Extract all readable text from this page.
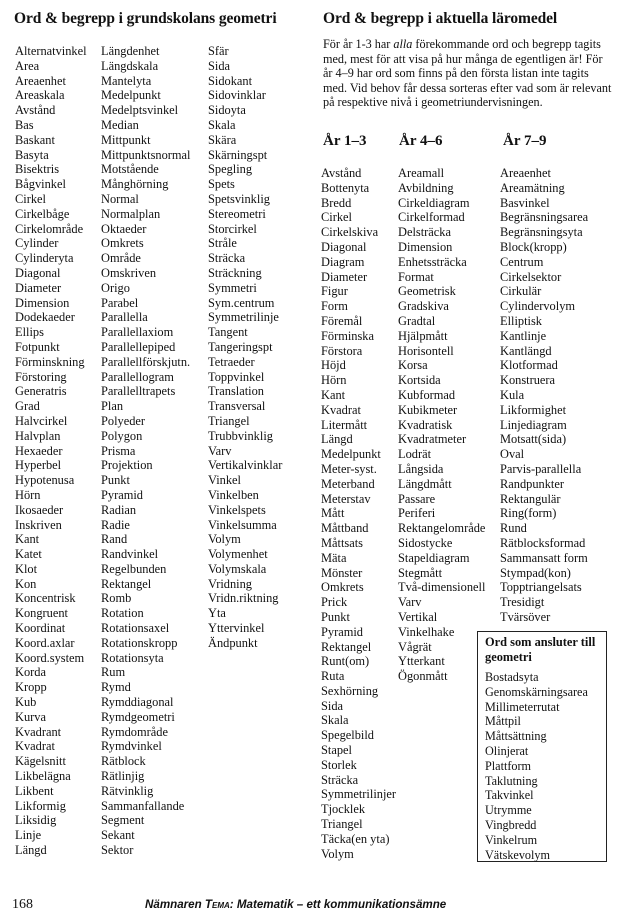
Ord & begrepp i grundskolans geometri	Ord & begrepp i aktuella läromedel

För år 1-3 har alla förekommande ord och begrepp tagits med, mest för att visa på hur många de egentligen är! För år 4–9 har ord som finns på den första listan inte tagits med. Vid behov får dessa sorteras efter vad som är relevant på respektive nivå i geometriundervisningen.

Alternatvinkel
Area
Areaenhet
Areaskala
Avstånd
Bas
Baskant
Basyta
Bisektris
Bågvinkel
Cirkel
Cirkelbåge
Cirkelområde
Cylinder
Cylinderyta
Diagonal
Diameter
Dimension
Dodekaeder
Ellips
Fotpunkt
Förminskning
Förstoring
Generatris
Grad
Halvcirkel
Halvplan
Hexaeder
Hyperbel
Hypotenusa
Hörn
Ikosaeder
Inskriven
Kant
Katet
Klot
Kon
Koncentrisk
Kongruent
Koordinat
Koord.axlar
Koord.system
Korda
Kropp
Kub
Kurva
Kvadrant
Kvadrat
Kägelsnitt
Likbelägna
Likbent
Likformig
Liksidig
Linje
Längd
Längdenhet
Längdskala
Mantelyta
Medelpunkt
Medelptsvinkel
Median
Mittpunkt
Mittpunktsnormal
Motstående
Månghörning
Normal
Normalplan
Oktaeder
Omkrets
Område
Omskriven
Origo
Parabel
Parallella
Parallellaxiom
Parallellepiped
Parallellförskjutn.
Parallellogram
Parallelltrapets
Plan
Polyeder
Polygon
Prisma
Projektion
Punkt
Pyramid
Radian
Radie
Rand
Randvinkel
Regelbunden
Rektangel
Romb
Rotation
Rotationsaxel
Rotationskropp
Rotationsyta
Rum
Rymd
Rymddiagonal
Rymdgeometri
Rymdområde
Rymdvinkel
Rätblock
Rätlinjig
Rätvinklig
Sammanfallande
Segment
Sekant
Sektor
Sfär
Sida
Sidokant
Sidovinklar
Sidoyta
Skala
Skära
Skärningspt
Spegling
Spets
Spetsvinklig
Stereometri
Storcirkel
Stråle
Sträcka
Sträckning
Symmetri
Sym.centrum
Symmetrilinje
Tangent
Tangeringspt
Tetraeder
Toppvinkel
Translation
Transversal
Triangel
Trubbvinklig
Varv
Vertikalvinklar
Vinkel
Vinkelben
Vinkelspets
Vinkelsumma
Volym
Volymenhet
Volymskala
Vridning
Vridn.riktning
Yta
Yttervinkel
Ändpunkt
År 1–3 År 4–6	År 7–9
Avstånd
Bottenyta
Bredd
Cirkel
Cirkelskiva
Diagonal
Diagram
Diameter
Figur
Form
Föremål
Förminska
Förstora
Höjd
Hörn
Kant
Kvadrat
Litermått
Längd
Medelpunkt
Meter-syst.
Meterband
Meterstav
Mått
Måttband
Måttsats
Mäta
Mönster
Omkrets
Prick
Punkt
Pyramid
Rektangel
Runt(om)
Ruta
Sexhörning
Sida
Skala
Spegelbild
Stapel
Storlek
Sträcka
Symmetrilinjer
Tjocklek
Triangel
Täcka(en yta)
Volym
Areamall
Avbildning
Cirkeldiagram
Cirkelformad
Delsträcka
Dimension
Enhetssträcka
Format
Geometrisk
Gradskiva
Gradtal
Hjälpmått
Horisontell
Korsa
Kortsida
Kubformad
Kubikmeter
Kvadratisk
Kvadratmeter
Lodrät
Långsida
Längdmått
Passare
Periferi
Rektangelområde
Sidostycke
Stapeldiagram
Stegmått
Två-dimensionell
Varv
Vertikal
Vinkelhake
Vågrät
Ytterkant
Ögonmått
Areaenhet
Areamätning
Basvinkel
Begränsningsarea
Begränsningsyta
Block(kropp)
Centrum
Cirkelsektor
Cirkulär
Cylindervolym
Elliptisk
Kantlinje
Kantlängd
Klotformad
Konstruera
Kula
Likformighet
Linjediagram
Motsatt(sida)
Oval
Parvis-parallella
Randpunkter
Rektangulär
Ring(form)
Rund
Rätblocksformad
Sammansatt form
Stympad(kon)
Topptriangelsats
Tresidigt
Tvärsöver
Ord som ansluter till geometri
Bostadsyta
Genomskärningsarea
Millimeterrutat
Måttpil
Måttsättning
Olinjerat
Plattform
Taklutning
Takvinkel
Utrymme
Vingbredd
Vinkelrum
Vätskevolym
168	Nämnaren Tema: Matematik – ett kommunikationsämne
